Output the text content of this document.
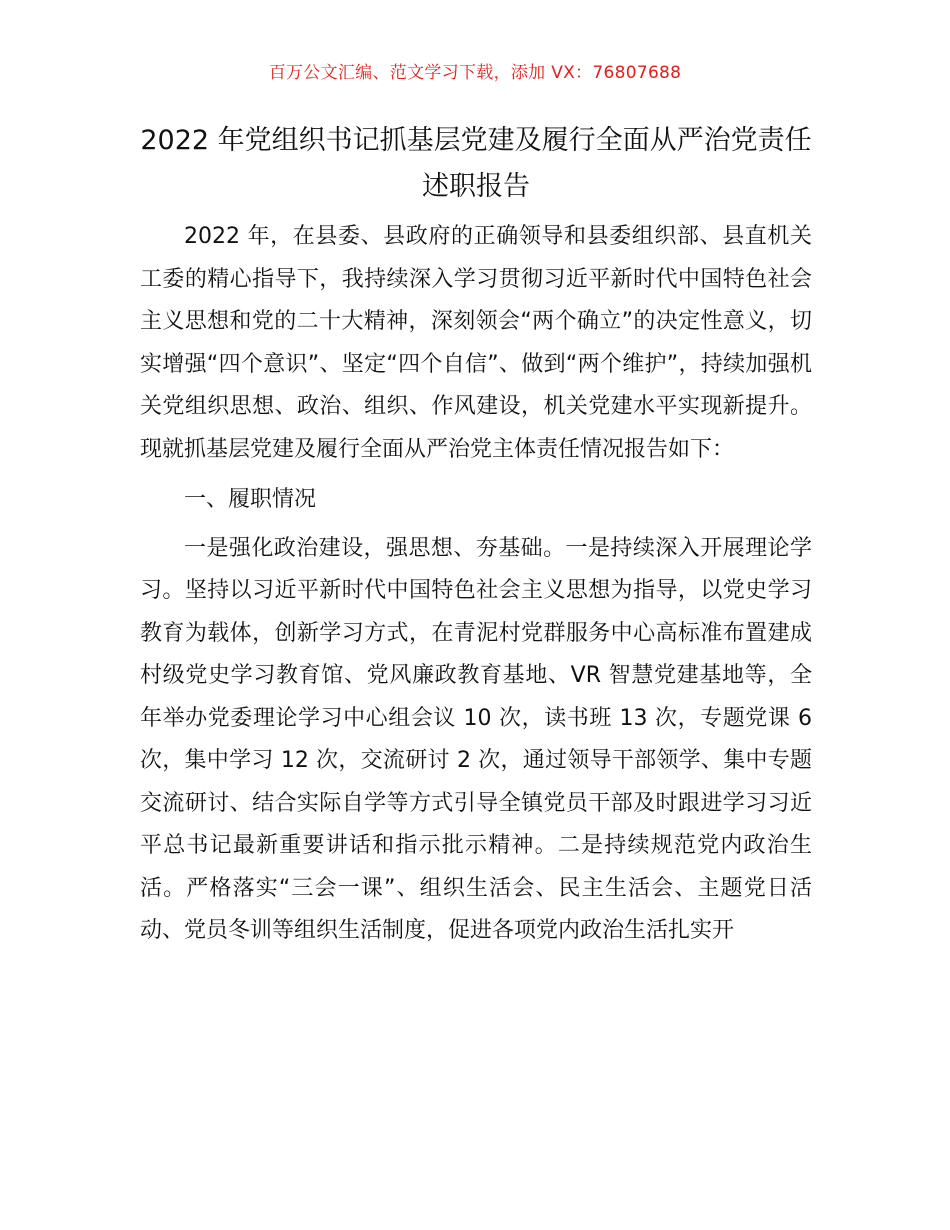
百万公文汇编、范文学习下载，添加 VX：76807688
2022 年党组织书记抓基层党建及履行全面从严治党责任述职报告

2022 年，在县委、县政府的正确领导和县委组织部、县直机关工委的精心指导下，我持续深入学习贯彻习近平新时代中国特色社会主义思想和党的二十大精神，深刻领会“两个确立”的决定性意义，切实增强“四个意识”、坚定“四个自信”、做到“两个维护”，持续加强机关党组织思想、政治、组织、作风建设，机关党建水平实现新提升。现就抓基层党建及履行全面从严治党主体责任情况报告如下：

一、履职情况

一是强化政治建设，强思想、夯基础。一是持续深入开展理论学习。坚持以习近平新时代中国特色社会主义思想为指导，以党史学习教育为载体，创新学习方式，在青泥村党群服务中心高标准布置建成村级党史学习教育馆、党风廉政教育基地、VR 智慧党建基地等，全年举办党委理论学习中心组会议 10 次，读书班 13 次，专题党课 6 次，集中学习 12 次，交流研讨 2 次，通过领导干部领学、集中专题交流研讨、结合实际自学等方式引导全镇党员干部及时跟进学习习近平总书记最新重要讲话和指示批示精神。二是持续规范党内政治生活。严格落实“三会一课”、组织生活会、民主生活会、主题党日活动、党员冬训等组织生活制度，促进各项党内政治生活扎实开
